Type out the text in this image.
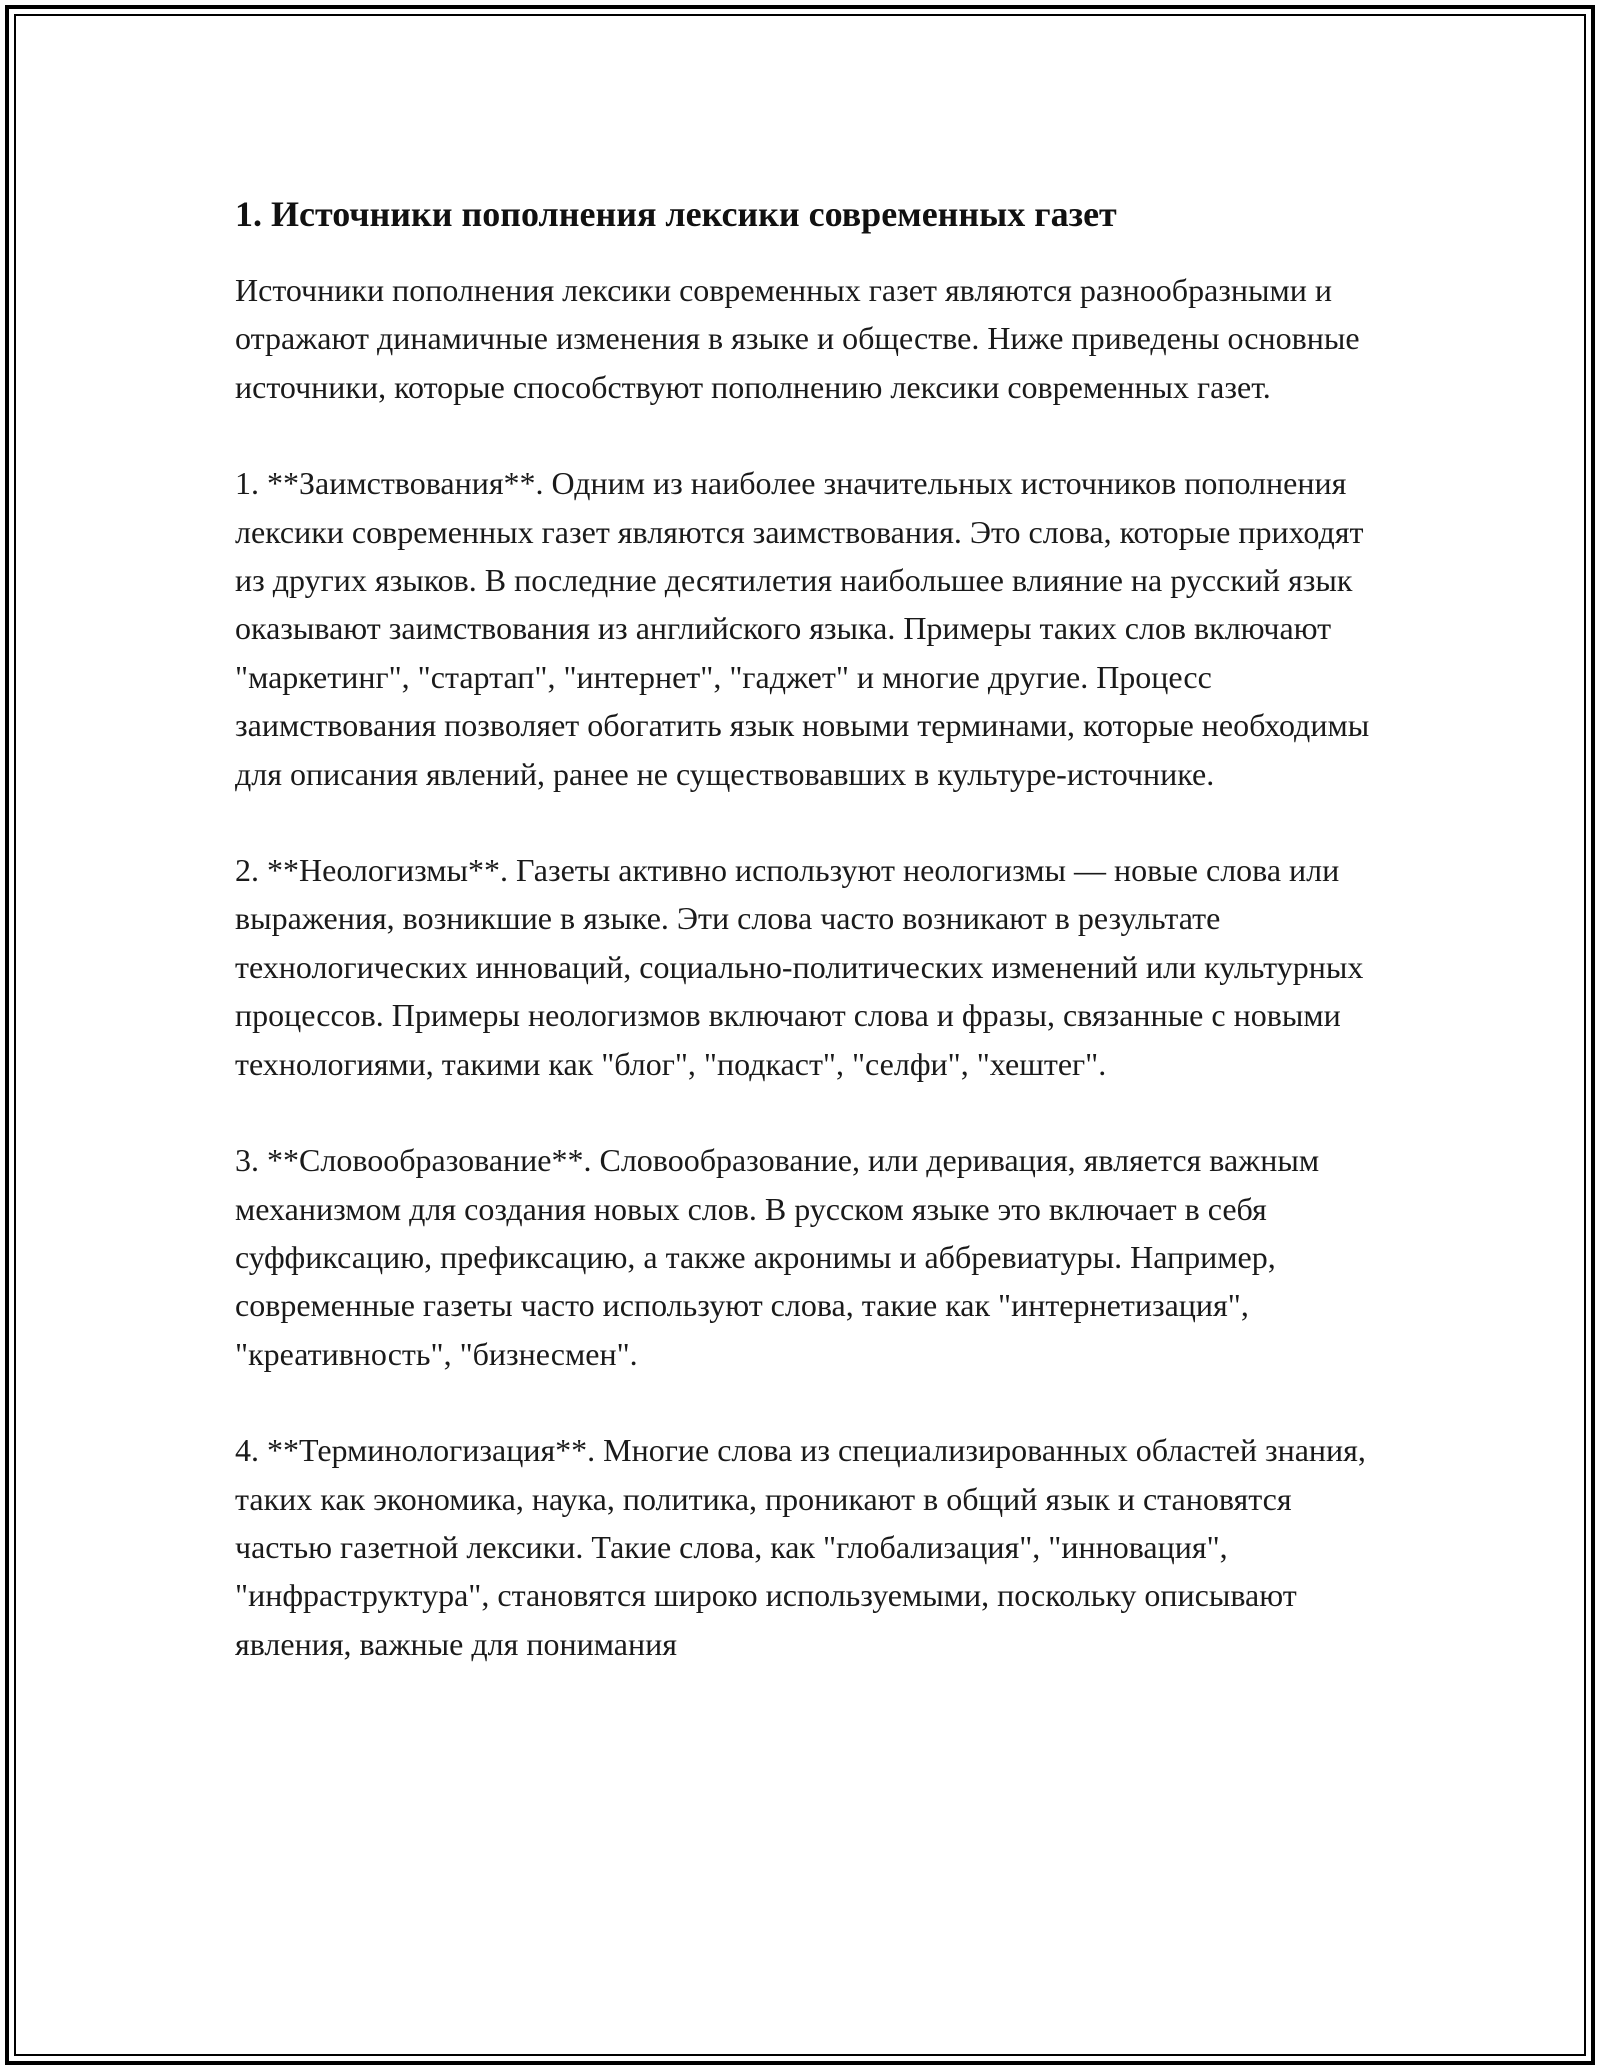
1. Источники пополнения лексики современных газет

Источники пополнения лексики современных газет являются разнообразными и отражают динамичные изменения в языке и обществе. Ниже приведены основные источники, которые способствуют пополнению лексики современных газет.

1. **Заимствования**. Одним из наиболее значительных источников пополнения лексики современных газет являются заимствования. Это слова, которые приходят из других языков. В последние десятилетия наибольшее влияние на русский язык оказывают заимствования из английского языка. Примеры таких слов включают "маркетинг", "стартап", "интернет", "гаджет" и многие другие. Процесс заимствования позволяет обогатить язык новыми терминами, которые необходимы для описания явлений, ранее не существовавших в культуре-источнике.

2. **Неологизмы**. Газеты активно используют неологизмы — новые слова или выражения, возникшие в языке. Эти слова часто возникают в результате технологических инноваций, социально-политических изменений или культурных процессов. Примеры неологизмов включают слова и фразы, связанные с новыми технологиями, такими как "блог", "подкаст", "селфи", "хештег".

3. **Словообразование**. Словообразование, или деривация, является важным механизмом для создания новых слов. В русском языке это включает в себя суффиксацию, префиксацию, а также акронимы и аббревиатуры. Например, современные газеты часто используют слова, такие как "интернетизация", "креативность", "бизнесмен".

4. **Терминологизация**. Многие слова из специализированных областей знания, таких как экономика, наука, политика, проникают в общий язык и становятся частью газетной лексики. Такие слова, как "глобализация", "инновация", "инфраструктура", становятся широко используемыми, поскольку описывают явления, важные для понимания
